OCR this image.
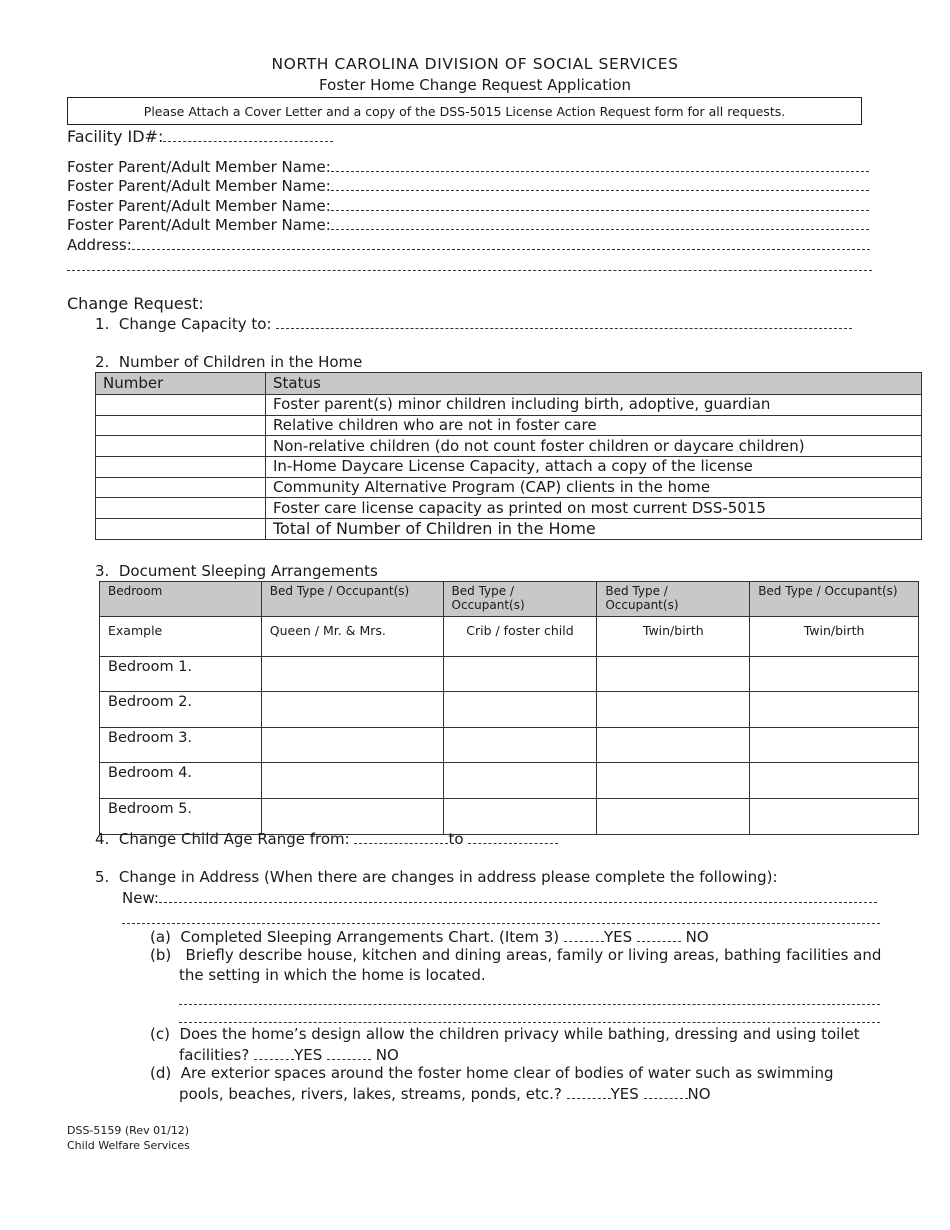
NORTH CAROLINA DIVISION OF SOCIAL SERVICES
Foster Home Change Request Application
Please Attach a Cover Letter and a copy of the DSS-5015 License Action Request form for all requests.
Facility ID#:
Foster Parent/Adult Member Name:
Foster Parent/Adult Member Name:
Foster Parent/Adult Member Name:
Foster Parent/Adult Member Name:
Address:
Change Request:
1.  Change Capacity to:
2.  Number of Children in the Home
Number	Status
	Foster parent(s) minor children including birth, adoptive, guardian
	Relative children who are not in foster care
	Non-relative children (do not count foster children or daycare children)
	In-Home Daycare License Capacity, attach a copy of the license
	Community Alternative Program (CAP) clients in the home
	Foster care license capacity as printed on most current DSS-5015
	Total of Number of Children in the Home
3.  Document Sleeping Arrangements
Bedroom	Bed Type / Occupant(s)	Bed Type / Occupant(s)	Bed Type / Occupant(s)	Bed Type / Occupant(s)
Example	Queen / Mr. & Mrs.	Crib / foster child	Twin/birth	Twin/birth
Bedroom 1.				
Bedroom 2.				
Bedroom 3.				
Bedroom 4.				
Bedroom 5.				
4.  Change Child Age Range from:	to
5.  Change in Address (When there are changes in address please complete the following):
New:
(a)  Completed Sleeping Arrangements Chart. (Item 3)	YES	NO
(b)   Briefly describe house, kitchen and dining areas, family or living areas, bathing facilities and
the setting in which the home is located.
(c)  Does the home’s design allow the children privacy while bathing, dressing and using toilet
facilities?	YES	NO
(d)  Are exterior spaces around the foster home clear of bodies of water such as swimming
pools, beaches, rivers, lakes, streams, ponds, etc.?	YES	NO
DSS-5159 (Rev 01/12)
Child Welfare Services
